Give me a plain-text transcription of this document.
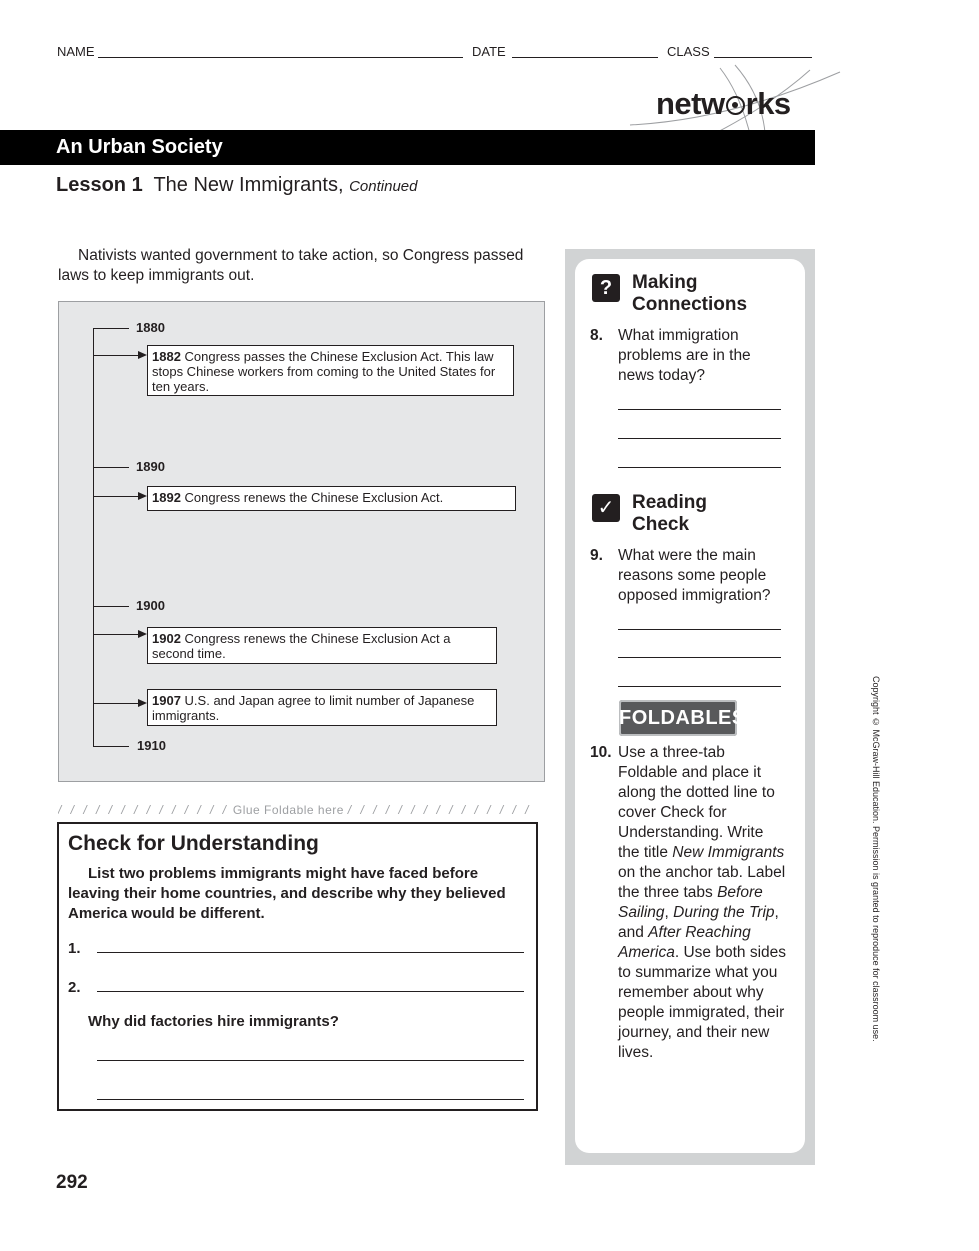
NAME	DATE	CLASS
netw rks
An Urban Society
Lesson 1 The New Immigrants, Continued
Nativists wanted government to take action, so Congress passed laws to keep immigrants out.
1880
1890
1900
1910
1882 Congress passes the Chinese Exclusion Act. This law stops Chinese workers from coming to the United States for ten years.
1892 Congress renews the Chinese Exclusion Act.
1902 Congress renews the Chinese Exclusion Act a second time.
1907 U.S. and Japan agree to limit number of Japanese immigrants.
/ / / / / / / / / / / / / / Glue Foldable here / / / / / / / / / / / / / / /
Check for Understanding
List two problems immigrants might have faced before leaving their home countries, and describe why they believed America would be different.
1.
2.
Why did factories hire immigrants?
?	Making Connections
8. What immigration problems are in the news today?
✓ Reading Check
9. What were the main reasons some people opposed immigration?
FOLDABLES®
10. Use a three-tab Foldable and place it along the dotted line to cover Check for Understanding. Write the title New Immigrants on the anchor tab. Label the three tabs Before Sailing, During the Trip, and After Reaching America. Use both sides to summarize what you remember about why people immigrated, their journey, and their new lives.
Copyright © McGraw-Hill Education. Permission is granted to reproduce for classroom use.
292
